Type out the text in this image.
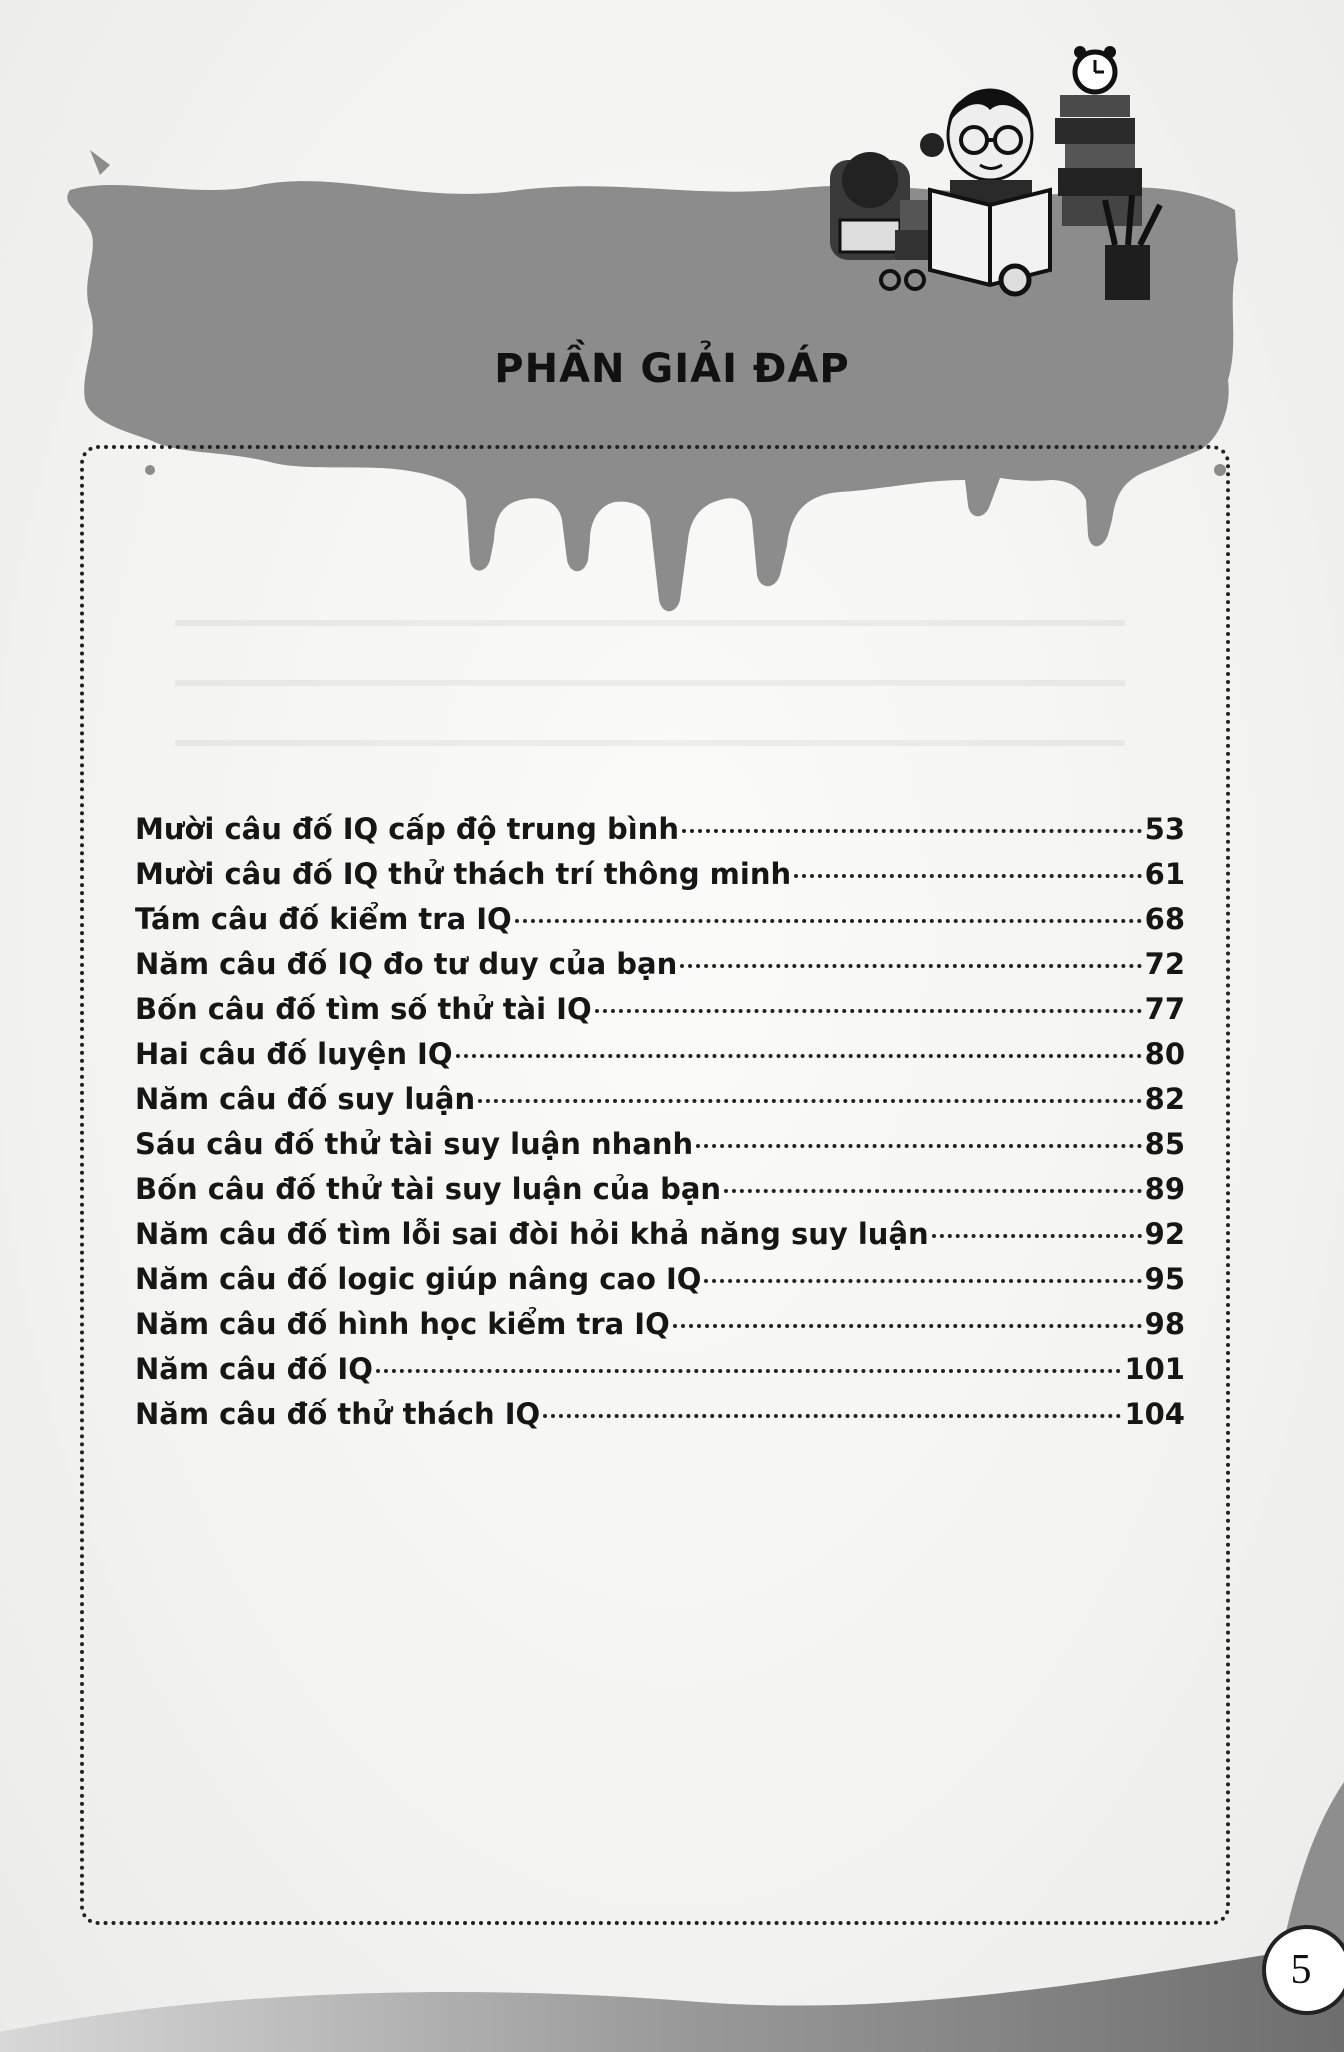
PHẦN GIẢI ĐÁP
Mười câu đố IQ cấp độ trung bình	53
Mười câu đố IQ thử thách trí thông minh	61
Tám câu đố kiểm tra IQ	68
Năm câu đố IQ đo tư duy của bạn	72
Bốn câu đố tìm số thử tài IQ	77
Hai câu đố luyện IQ	80
Năm câu đố suy luận	82
Sáu câu đố thử tài suy luận nhanh	85
Bốn câu đố thử tài suy luận của bạn	89
Năm câu đố tìm lỗi sai đòi hỏi khả năng suy luận	92
Năm câu đố logic giúp nâng cao IQ	95
Năm câu đố hình học kiểm tra IQ	98
Năm câu đố IQ	101
Năm câu đố thử thách IQ	104
5
